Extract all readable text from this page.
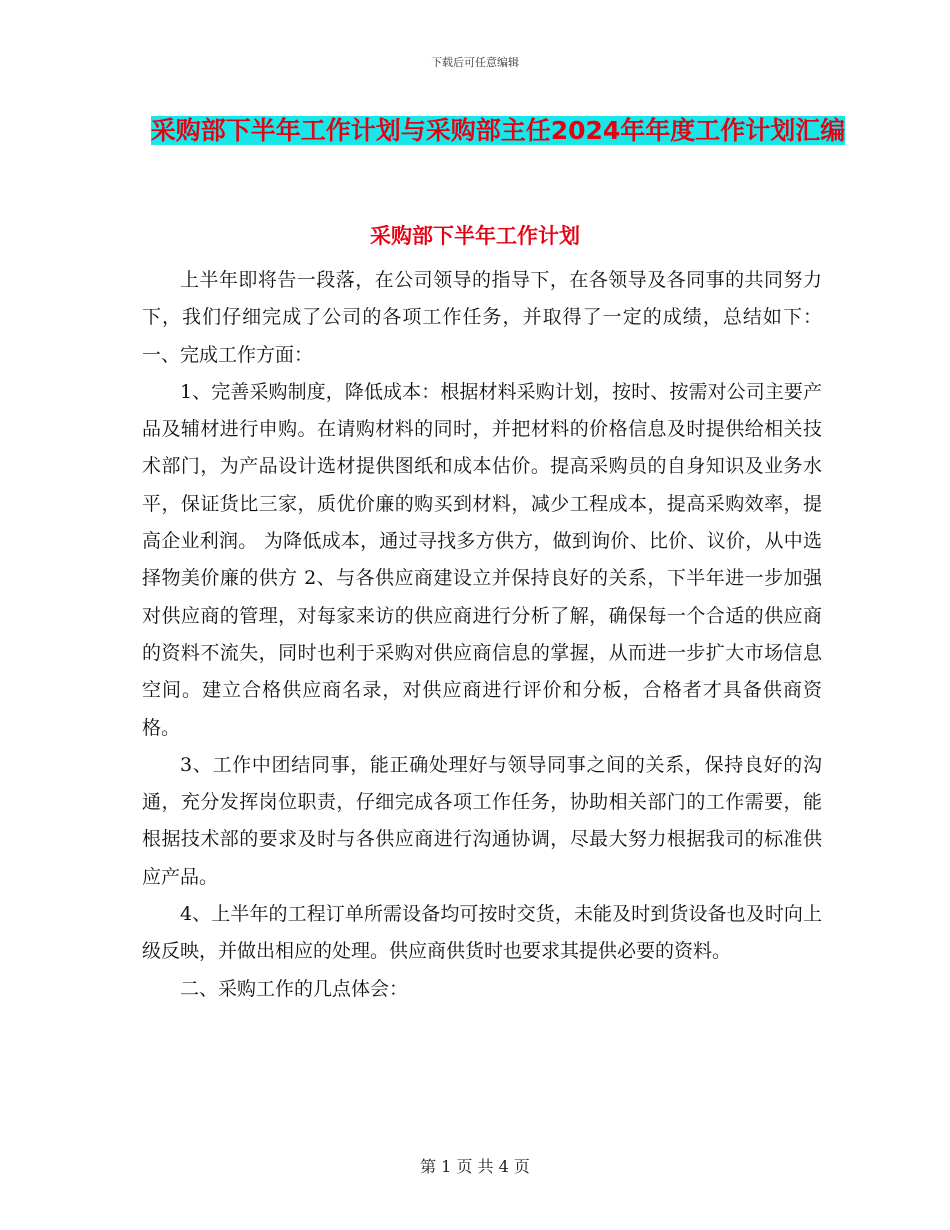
下载后可任意编辑
采购部下半年工作计划与采购部主任2024年年度工作计划汇编
采购部下半年工作计划

上半年即将告一段落，在公司领导的指导下，在各领导及各同事的共同努力下，我们仔细完成了公司的各项工作任务，并取得了一定的成绩，总结如下： 一、完成工作方面：

1、完善采购制度，降低成本：根据材料采购计划，按时、按需对公司主要产品及辅材进行申购。在请购材料的同时，并把材料的价格信息及时提供给相关技术部门，为产品设计选材提供图纸和成本估价。提高采购员的自身知识及业务水平，保证货比三家，质优价廉的购买到材料，减少工程成本，提高采购效率，提高企业利润。 为降低成本，通过寻找多方供方，做到询价、比价、议价，从中选择物美价廉的供方 2、与各供应商建设立并保持良好的关系，下半年进一步加强对供应商的管理，对每家来访的供应商进行分析了解，确保每一个合适的供应商的资料不流失，同时也利于采购对供应商信息的掌握，从而进一步扩大市场信息空间。建立合格供应商名录，对供应商进行评价和分板，合格者才具备供商资格。

3、工作中团结同事，能正确处理好与领导同事之间的关系，保持良好的沟通，充分发挥岗位职责，仔细完成各项工作任务，协助相关部门的工作需要，能根据技术部的要求及时与各供应商进行沟通协调，尽最大努力根据我司的标准供应产品。

4、上半年的工程订单所需设备均可按时交货，未能及时到货设备也及时向上级反映，并做出相应的处理。供应商供货时也要求其提供必要的资料。

二、采购工作的几点体会：

第 1 页 共 4 页
